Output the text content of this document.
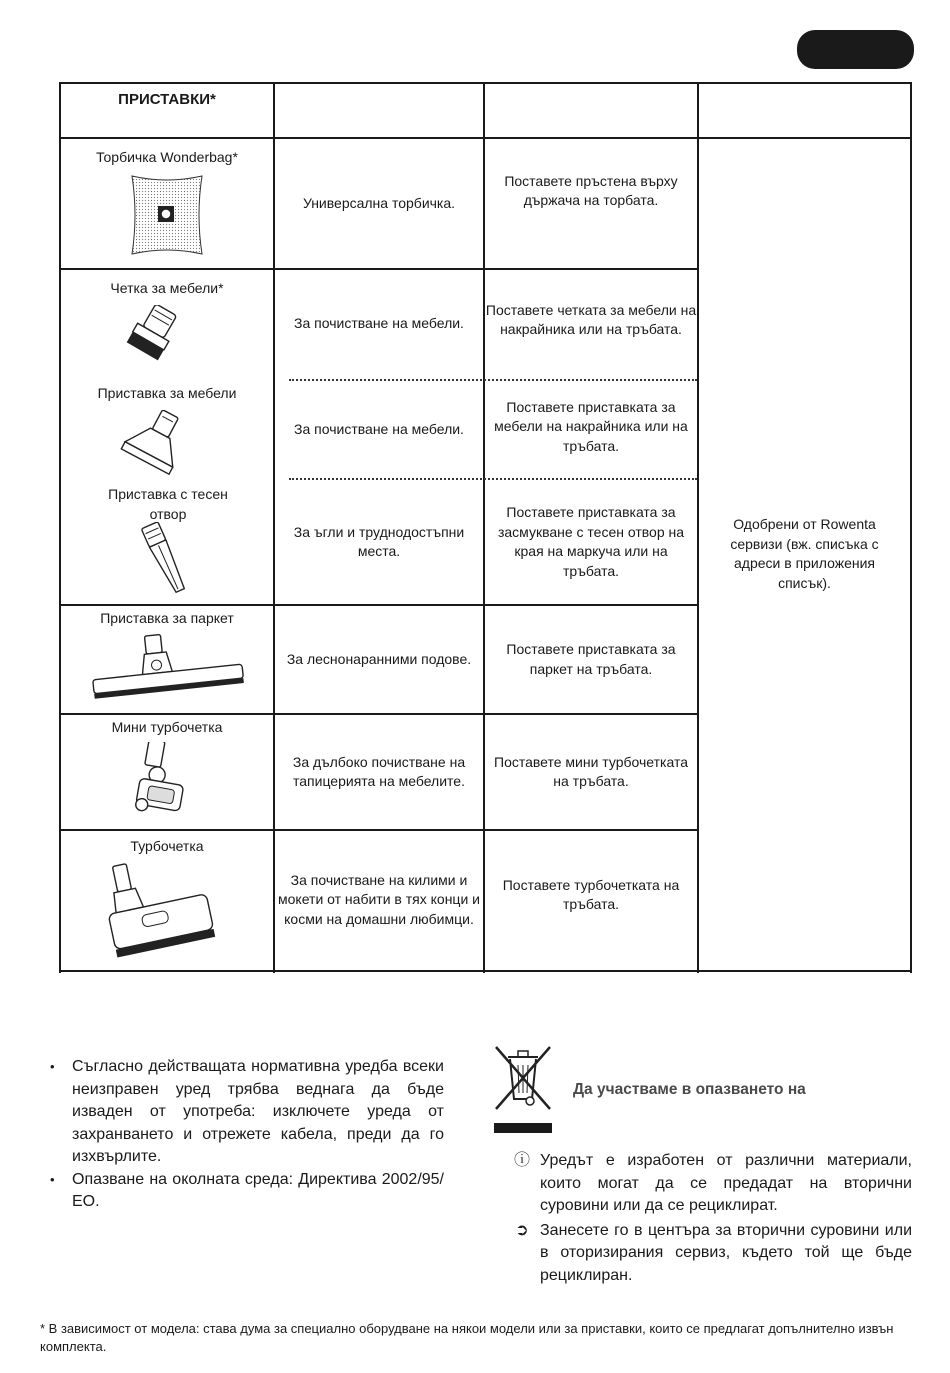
ПРИСТАВКИ*
Торбичка Wonderbag*
Универсална торбичка.
Поставете пръстена върху държача на торбата.
Четка за мебели*
За почистване на мебели.
Поставете четката за мебели на накрайника или на тръбата.
Приставка за мебели
За почистване на мебели.
Поставете приставката за мебели на накрайника или на тръбата.
Приставка с тесен отвор
За ъгли и труднодостъпни места.
Поставете приставката за засмукване с тесен отвор на края на маркуча или на тръбата.
Одобрени от Rowenta сервизи (вж. списъка с адреси в приложения списък).
Приставка за паркет
За леснонаранними подове.
Поставете приставката за паркет на тръбата.
Мини турбочетка
За дълбоко почистване на тапицерията на мебелите.
Поставете мини турбочетката на тръбата.
Турбочетка
За почистване на килими и мокети от набити в тях конци и косми на домашни любимци.
Поставете турбочетката на тръбата.
• Съгласно действащата нормативна уредба всеки неизправен уред трябва веднага да бъде изваден от употреба: изключете уреда от захранването и отрежете кабела, преди да го изхвърлите.
• Опазване на околната среда: Директива 2002/95/ЕО.
Да участваме в опазването на
ⓘ Уредът е изработен от различни материали, които могат да се предадат на вторични суровини или да се рециклират.
➲ Занесете го в центъра за вторични суровини или в оторизирания сервиз, където той ще бъде рециклиран.
* В зависимост от модела: става дума за специално оборудване на някои модели или за приставки, които се предлагат допълнително извън комплекта.
